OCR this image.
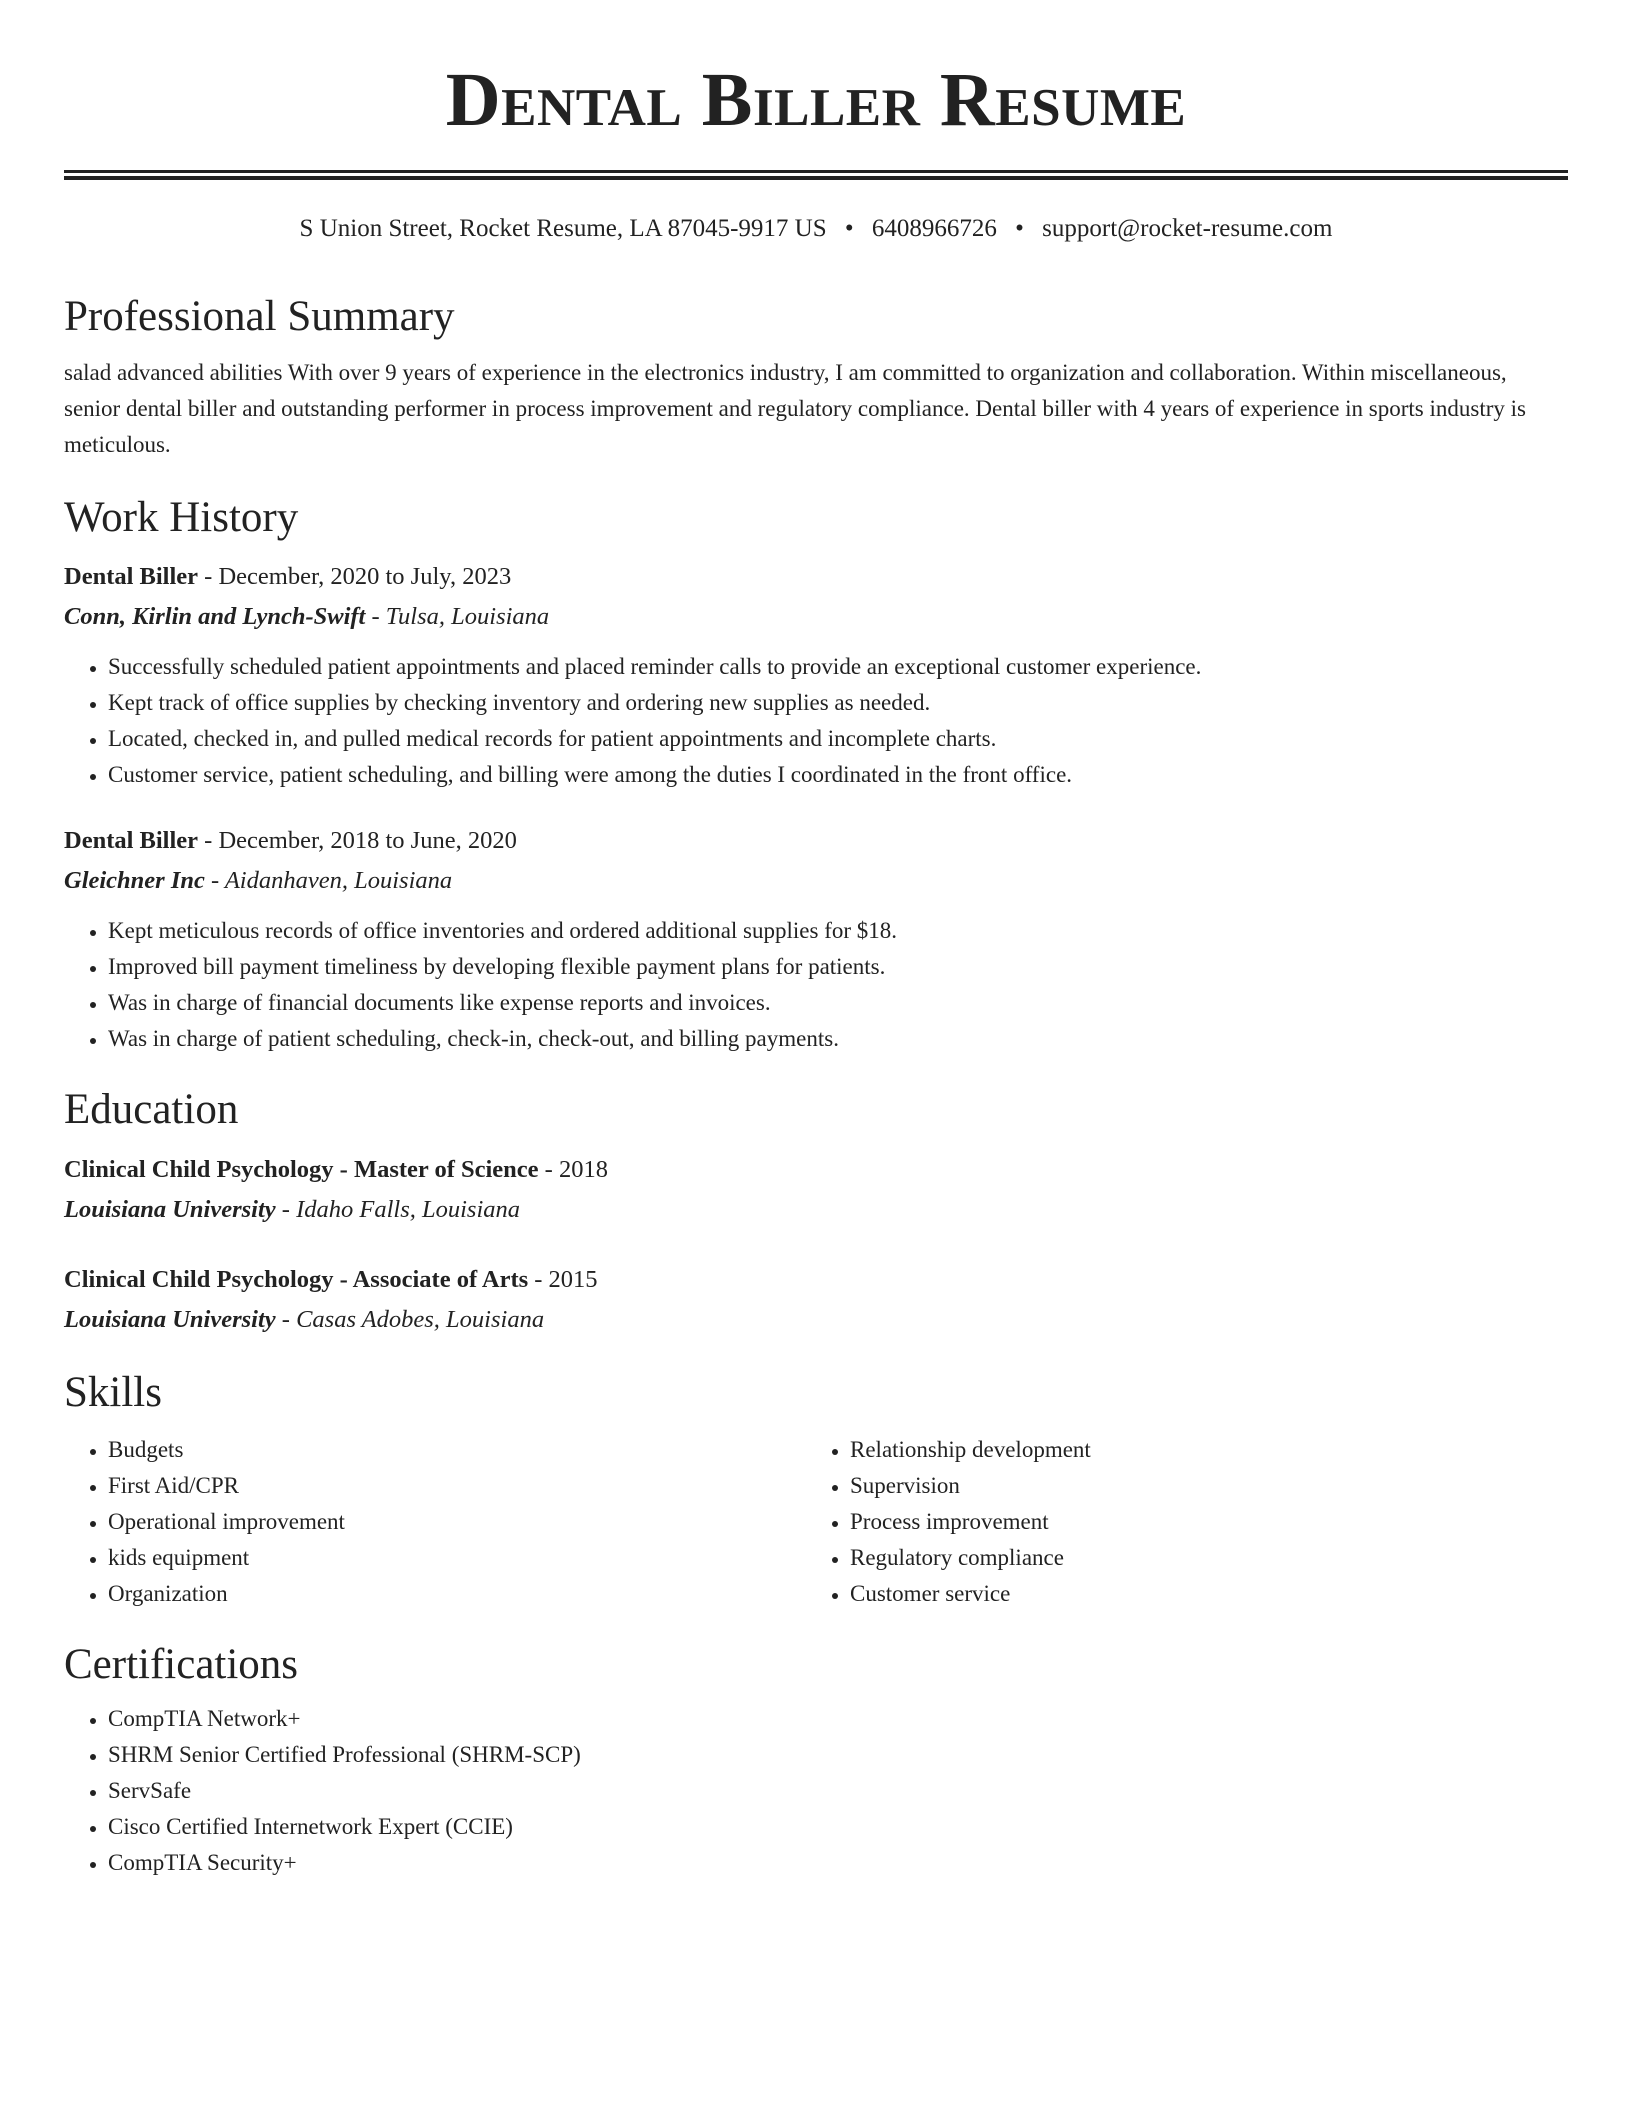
Dental Biller Resume
S Union Street, Rocket Resume, LA 87045-9917 US • 6408966726 • support@rocket-resume.com
Professional Summary

salad advanced abilities With over 9 years of experience in the electronics industry, I am committed to organization and collaboration. Within miscellaneous, senior dental biller and outstanding performer in process improvement and regulatory compliance. Dental biller with 4 years of experience in sports industry is meticulous.

Work History
Dental Biller - December, 2020 to July, 2023
Conn, Kirlin and Lynch-Swift - Tulsa, Louisiana
• Successfully scheduled patient appointments and placed reminder calls to provide an exceptional customer experience.
• Kept track of office supplies by checking inventory and ordering new supplies as needed.
• Located, checked in, and pulled medical records for patient appointments and incomplete charts.
• Customer service, patient scheduling, and billing were among the duties I coordinated in the front office.
Dental Biller - December, 2018 to June, 2020
Gleichner Inc - Aidanhaven, Louisiana
• Kept meticulous records of office inventories and ordered additional supplies for $18.
• Improved bill payment timeliness by developing flexible payment plans for patients.
• Was in charge of financial documents like expense reports and invoices.
• Was in charge of patient scheduling, check-in, check-out, and billing payments.
Education
Clinical Child Psychology - Master of Science - 2018
Louisiana University - Idaho Falls, Louisiana
Clinical Child Psychology - Associate of Arts - 2015
Louisiana University - Casas Adobes, Louisiana
Skills
• Budgets
• First Aid/CPR
• Operational improvement
• kids equipment
• Organization
• Relationship development
• Supervision
• Process improvement
• Regulatory compliance
• Customer service
Certifications
• CompTIA Network+
• SHRM Senior Certified Professional (SHRM-SCP)
• ServSafe
• Cisco Certified Internetwork Expert (CCIE)
• CompTIA Security+
